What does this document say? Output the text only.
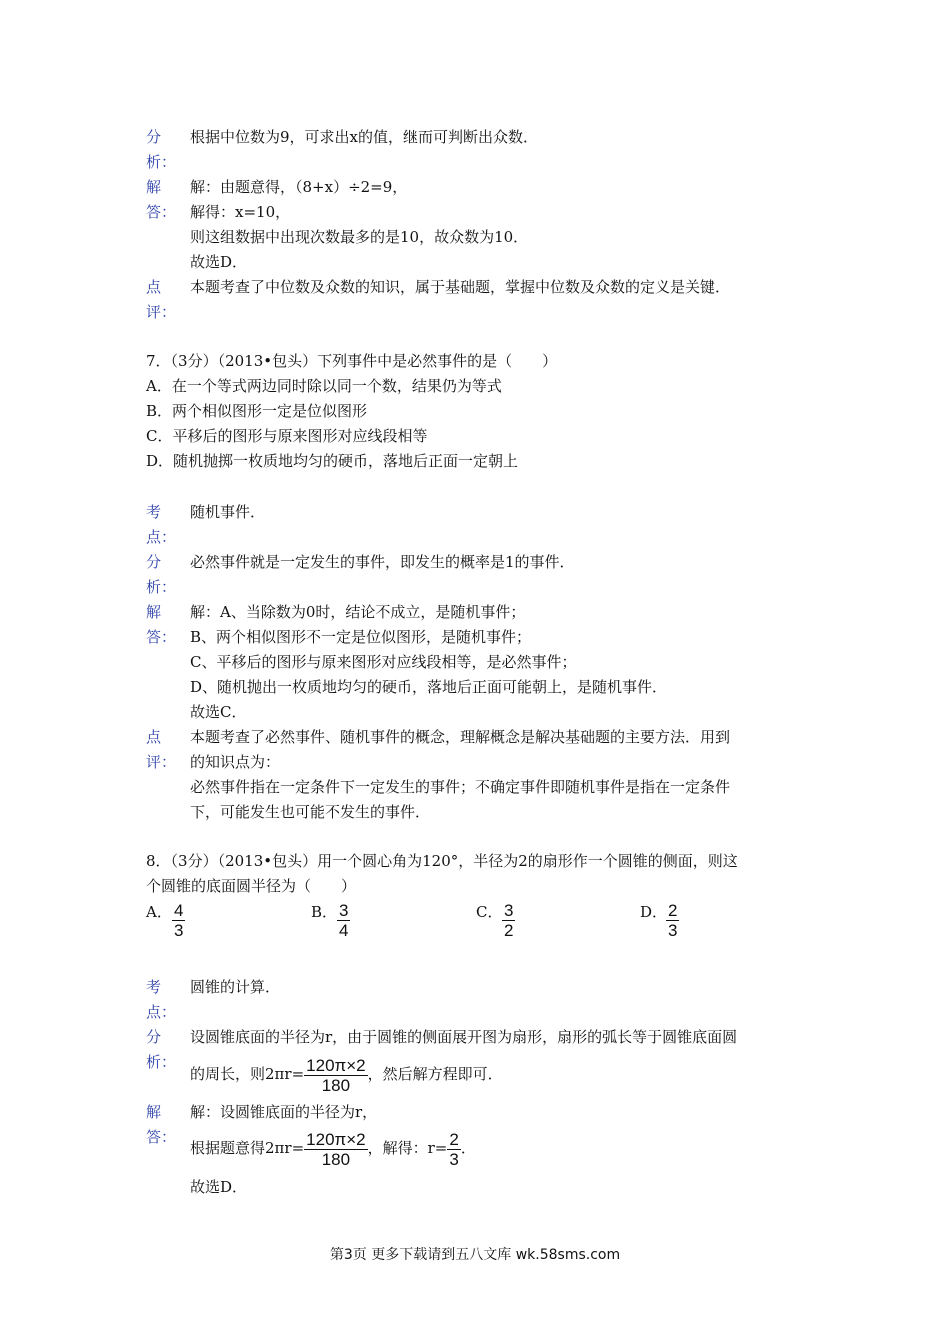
分 根据中位数为9，可求出x的值，继而可判断出众数．
析：
解 解：由题意得，（8+x）÷2=9，
答： 解得：x=10，
则这组数据中出现次数最多的是10，故众数为10．
故选D．
点 本题考查了中位数及众数的知识，属于基础题，掌握中位数及众数的定义是关键．
评：
7．（3分）（2013•包头）下列事件中是必然事件的是（　　）
A．在一个等式两边同时除以同一个数，结果仍为等式
B．两个相似图形一定是位似图形
C．平移后的图形与原来图形对应线段相等
D．随机抛掷一枚质地均匀的硬币，落地后正面一定朝上
考 随机事件．
点：
分 必然事件就是一定发生的事件，即发生的概率是1的事件．
析：
解 解：A、当除数为0时，结论不成立，是随机事件；
答： B、两个相似图形不一定是位似图形，是随机事件；
C、平移后的图形与原来图形对应线段相等，是必然事件；
D、随机抛出一枚质地均匀的硬币，落地后正面可能朝上，是随机事件．
故选C．
点 本题考查了必然事件、随机事件的概念，理解概念是解决基础题的主要方法．用到
评： 的知识点为：
必然事件指在一定条件下一定发生的事件；不确定事件即随机事件是指在一定条件
下，可能发生也可能不发生的事件．
8．（3分）（2013•包头）用一个圆心角为120°，半径为2的扇形作一个圆锥的侧面，则这
个圆锥的底面圆半径为（　　）
A． $\frac{4}{3}$	B． $\frac{3}{4}$	C． $\frac{3}{2}$	D．
$\frac{2}{3}$
考 圆锥的计算．
点：
分 设圆锥底面的半径为r，由于圆锥的侧面展开图为扇形，扇形的弧长等于圆锥底面圆
析：
的周长，则$2\pi r= \frac{120\pi\times 2}{180}$ ，然后解方程即可．
解 解：设圆锥底面的半径为r，
答：
根据题意得$2\pi r= \frac{120\pi\times 2}{180}$ ，解得：$r= \frac{2}{3}$ ．
故选D．
第3页 更多下载请到五八文库 wk.58sms.com
